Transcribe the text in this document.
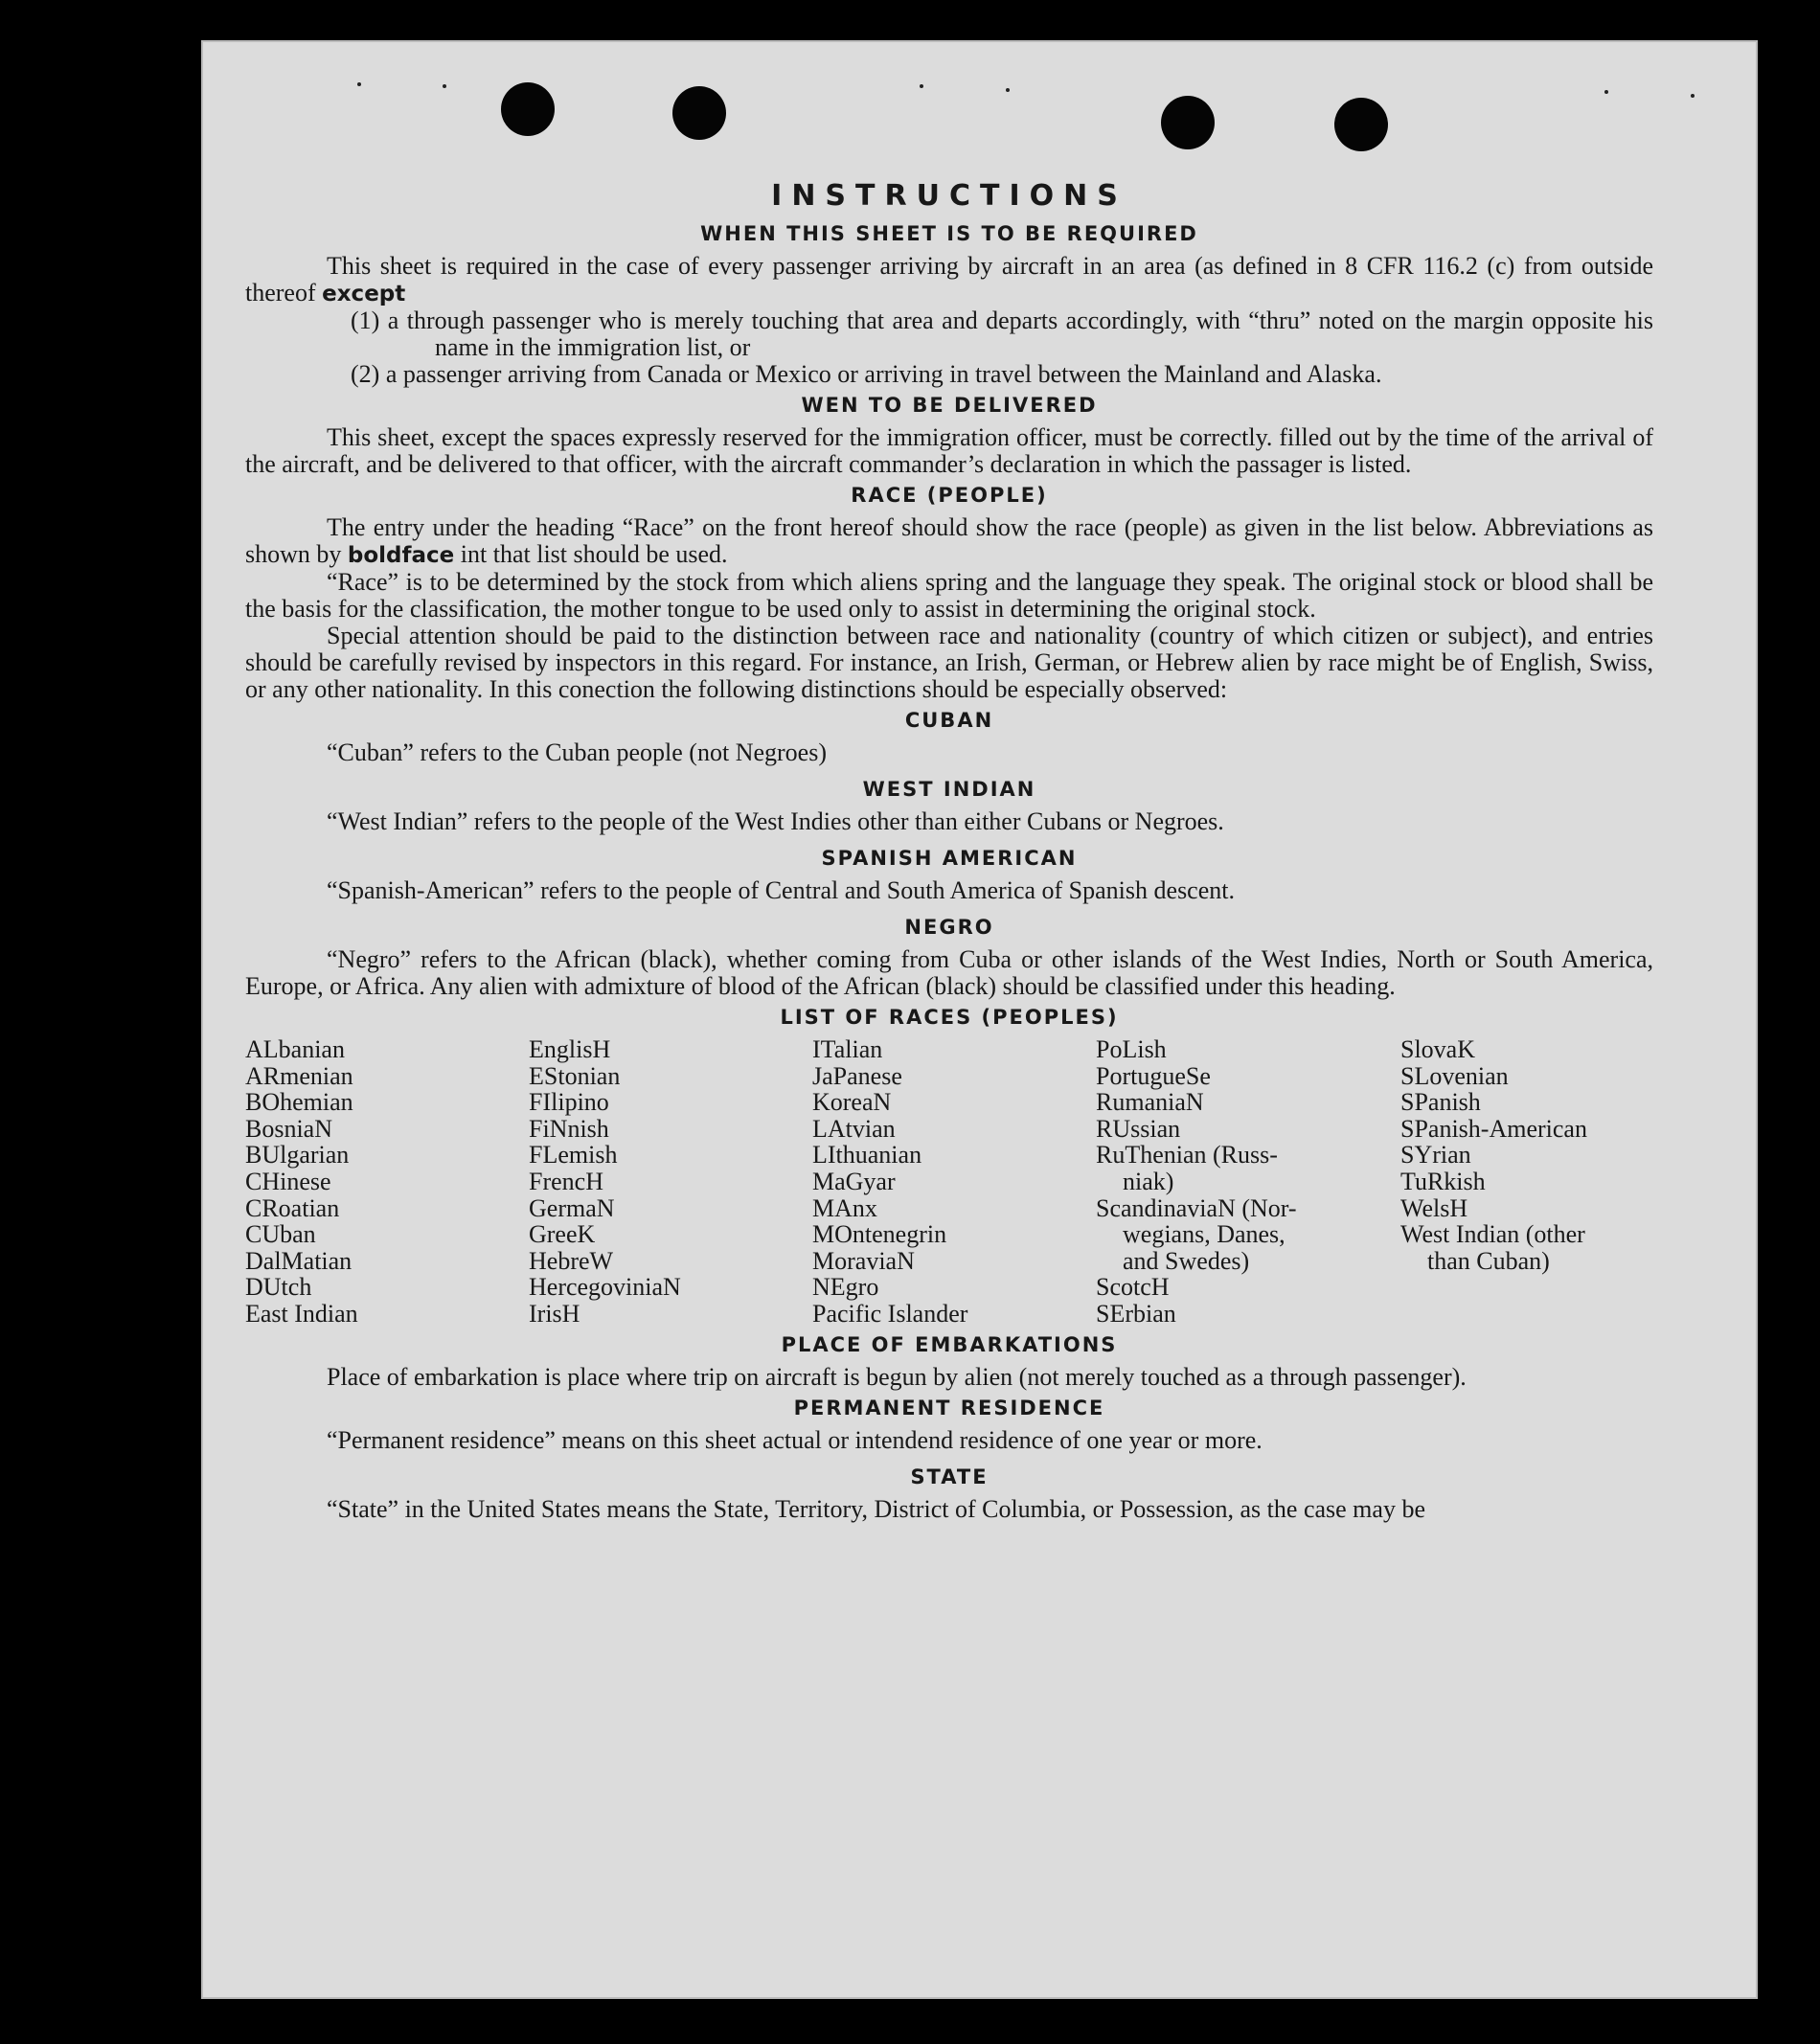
INSTRUCTIONS
WHEN THIS SHEET IS TO BE REQUIRED

This sheet is required in the case of every passenger arriving by aircraft in an area (as defined in 8 CFR 116.2 (c) from outside thereof except

(1) a through passenger who is merely touching that area and departs accordingly, with “thru” noted on the margin opposite his name in the immigration list, or
(2) a passenger arriving from Canada or Mexico or arriving in travel between the Mainland and Alaska.
WEN TO BE DELIVERED

This sheet, except the spaces expressly reserved for the immigration officer, must be correctly. filled out by the time of the arrival of the aircraft, and be delivered to that officer, with the aircraft commander’s declaration in which the passager is listed.

RACE (PEOPLE)

The entry under the heading “Race” on the front hereof should show the race (people) as given in the list below. Abbreviations as shown by boldface int that list should be used.

“Race” is to be determined by the stock from which aliens spring and the language they speak. The original stock or blood shall be the basis for the classification, the mother tongue to be used only to assist in determining the original stock.

Special attention should be paid to the distinction between race and nationality (country of which citizen or subject), and entries should be carefully revised by inspectors in this regard. For instance, an Irish, German, or Hebrew alien by race might be of English, Swiss, or any other nationality. In this conection the following distinctions should be especially observed:

CUBAN

“Cuban” refers to the Cuban people (not Negroes)

WEST INDIAN

“West Indian” refers to the people of the West Indies other than either Cubans or Negroes.

SPANISH AMERICAN

“Spanish-American” refers to the people of Central and South America of Spanish descent.

NEGRO

“Negro” refers to the African (black), whether coming from Cuba or other islands of the West Indies, North or South America, Europe, or Africa. Any alien with admixture of blood of the African (black) should be classified under this heading.

LIST OF RACES (PEOPLES)
ALbanian
ARmenian
BOhemian
BosniaN
BUlgarian
CHinese
CRoatian
CUban
DalMatian
DUtch
East Indian
EnglisH
EStonian
FIlipino
FiNnish
FLemish
FrencH
GermaN
GreeK
HebreW
HercegoviniaN
IrisH
ITalian
JaPanese
KoreaN
LAtvian
LIthuanian
MaGyar
MAnx
MOntenegrin
MoraviaN
NEgro
Pacific Islander
PoLish
PortugueSe
RumaniaN
RUssian
RuThenian (Russ-
niak)
ScandinaviaN (Nor-
wegians, Danes,
and Swedes)
ScotcH
SErbian
SlovaK
SLovenian
SPanish
SPanish-American
SYrian
TuRkish
WelsH
West Indian (other
than Cuban)
PLACE OF EMBARKATIONS

Place of embarkation is place where trip on aircraft is begun by alien (not merely touched as a through passenger).

PERMANENT RESIDENCE

“Permanent residence” means on this sheet actual or intendend residence of one year or more.

STATE

“State” in the United States means the State, Territory, District of Columbia, or Possession, as the case may be
